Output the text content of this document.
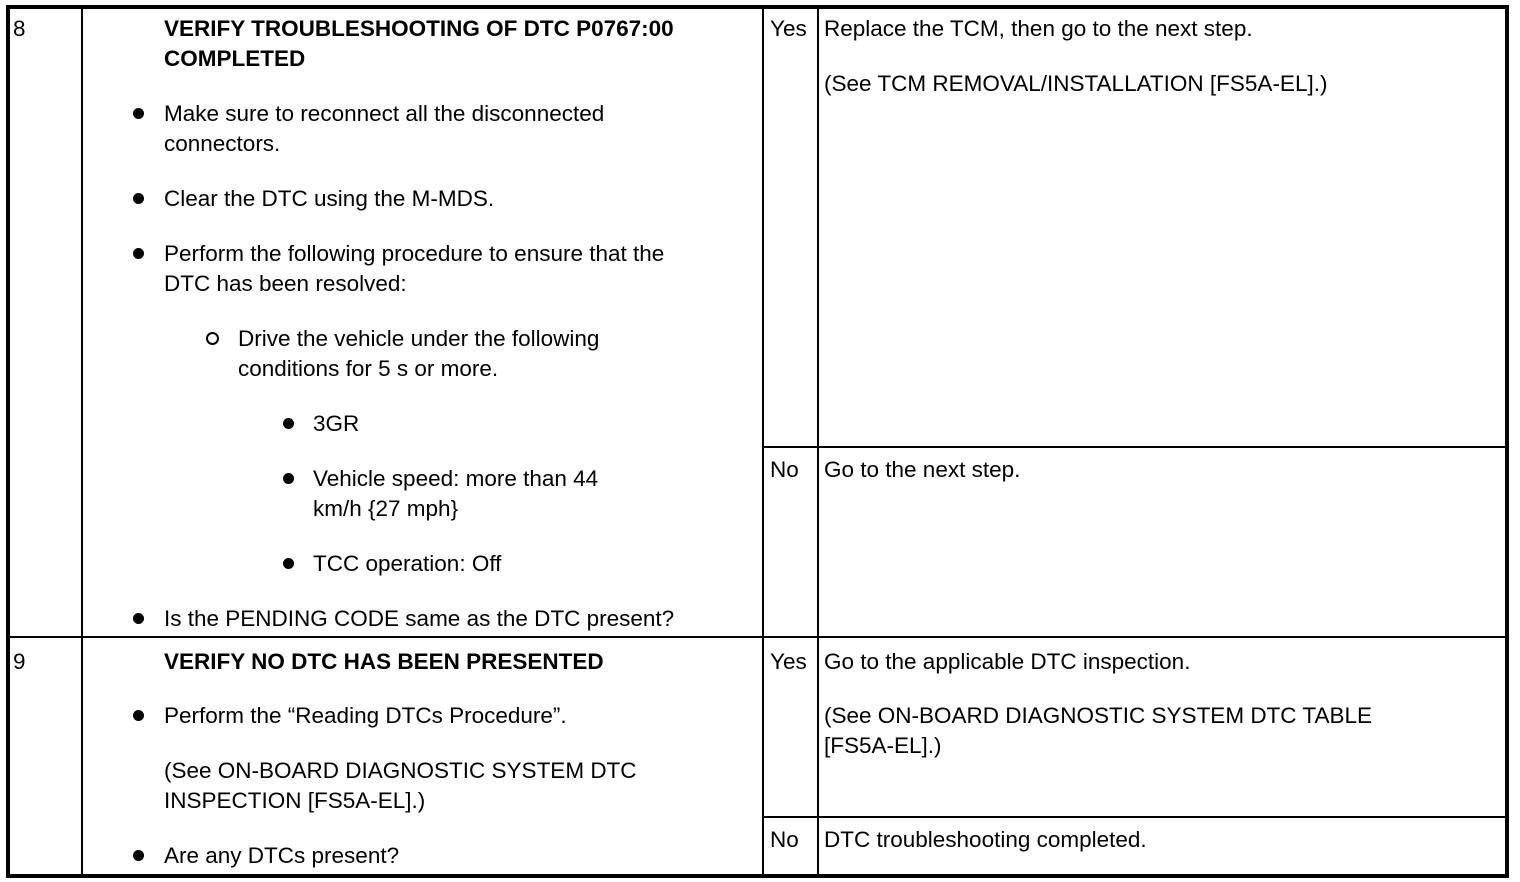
8	VERIFY TROUBLESHOOTING OF DTC P0767:00
COMPLETED
Make sure to reconnect all the disconnected
connectors.
Clear the DTC using the M-MDS.
Perform the following procedure to ensure that the
DTC has been resolved:
Drive the vehicle under the following
conditions for 5 s or more.
3GR
Vehicle speed: more than 44
km/h {27 mph}
TCC operation: Off
Is the PENDING CODE same as the DTC present?
Yes Replace the TCM, then go to the next step.
(See TCM REMOVAL/INSTALLATION [FS5A-EL].)
No Go to the next step.
9	VERIFY NO DTC HAS BEEN PRESENTED
Perform the “Reading DTCs Procedure”.
(See ON-BOARD DIAGNOSTIC SYSTEM DTC
INSPECTION [FS5A-EL].)
Are any DTCs present?
Yes Go to the applicable DTC inspection.
(See ON-BOARD DIAGNOSTIC SYSTEM DTC TABLE
[FS5A-EL].)
No DTC troubleshooting completed.
